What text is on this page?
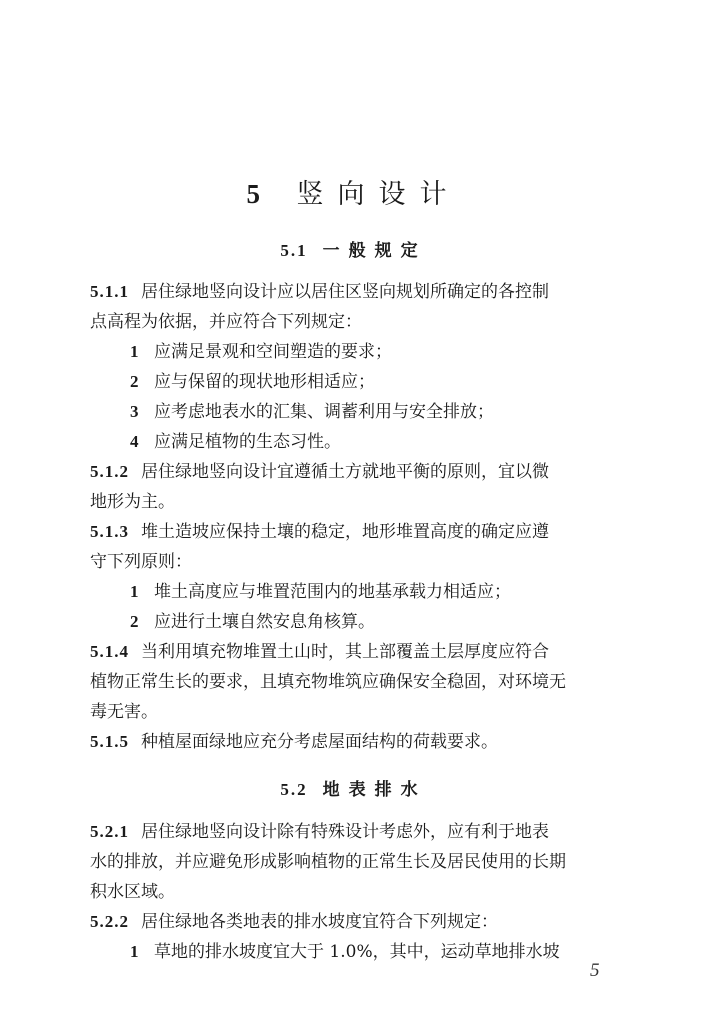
5 竖向设计
5.1 一般规定
5.1.1 居住绿地竖向设计应以居住区竖向规划所确定的各控制
点高程为依据，并应符合下列规定：
1 应满足景观和空间塑造的要求；
2 应与保留的现状地形相适应；
3 应考虑地表水的汇集、调蓄利用与安全排放；
4 应满足植物的生态习性。
5.1.2 居住绿地竖向设计宜遵循土方就地平衡的原则，宜以微
地形为主。
5.1.3 堆土造坡应保持土壤的稳定，地形堆置高度的确定应遵
守下列原则：
1 堆土高度应与堆置范围内的地基承载力相适应；
2 应进行土壤自然安息角核算。
5.1.4 当利用填充物堆置土山时，其上部覆盖土层厚度应符合
植物正常生长的要求，且填充物堆筑应确保安全稳固，对环境无
毒无害。
5.1.5 种植屋面绿地应充分考虑屋面结构的荷载要求。
5.2 地表排水
5.2.1 居住绿地竖向设计除有特殊设计考虑外，应有利于地表
水的排放，并应避免形成影响植物的正常生长及居民使用的长期
积水区域。
5.2.2 居住绿地各类地表的排水坡度宜符合下列规定：
1 草地的排水坡度宜大于 1.0%，其中，运动草地排水坡
5
